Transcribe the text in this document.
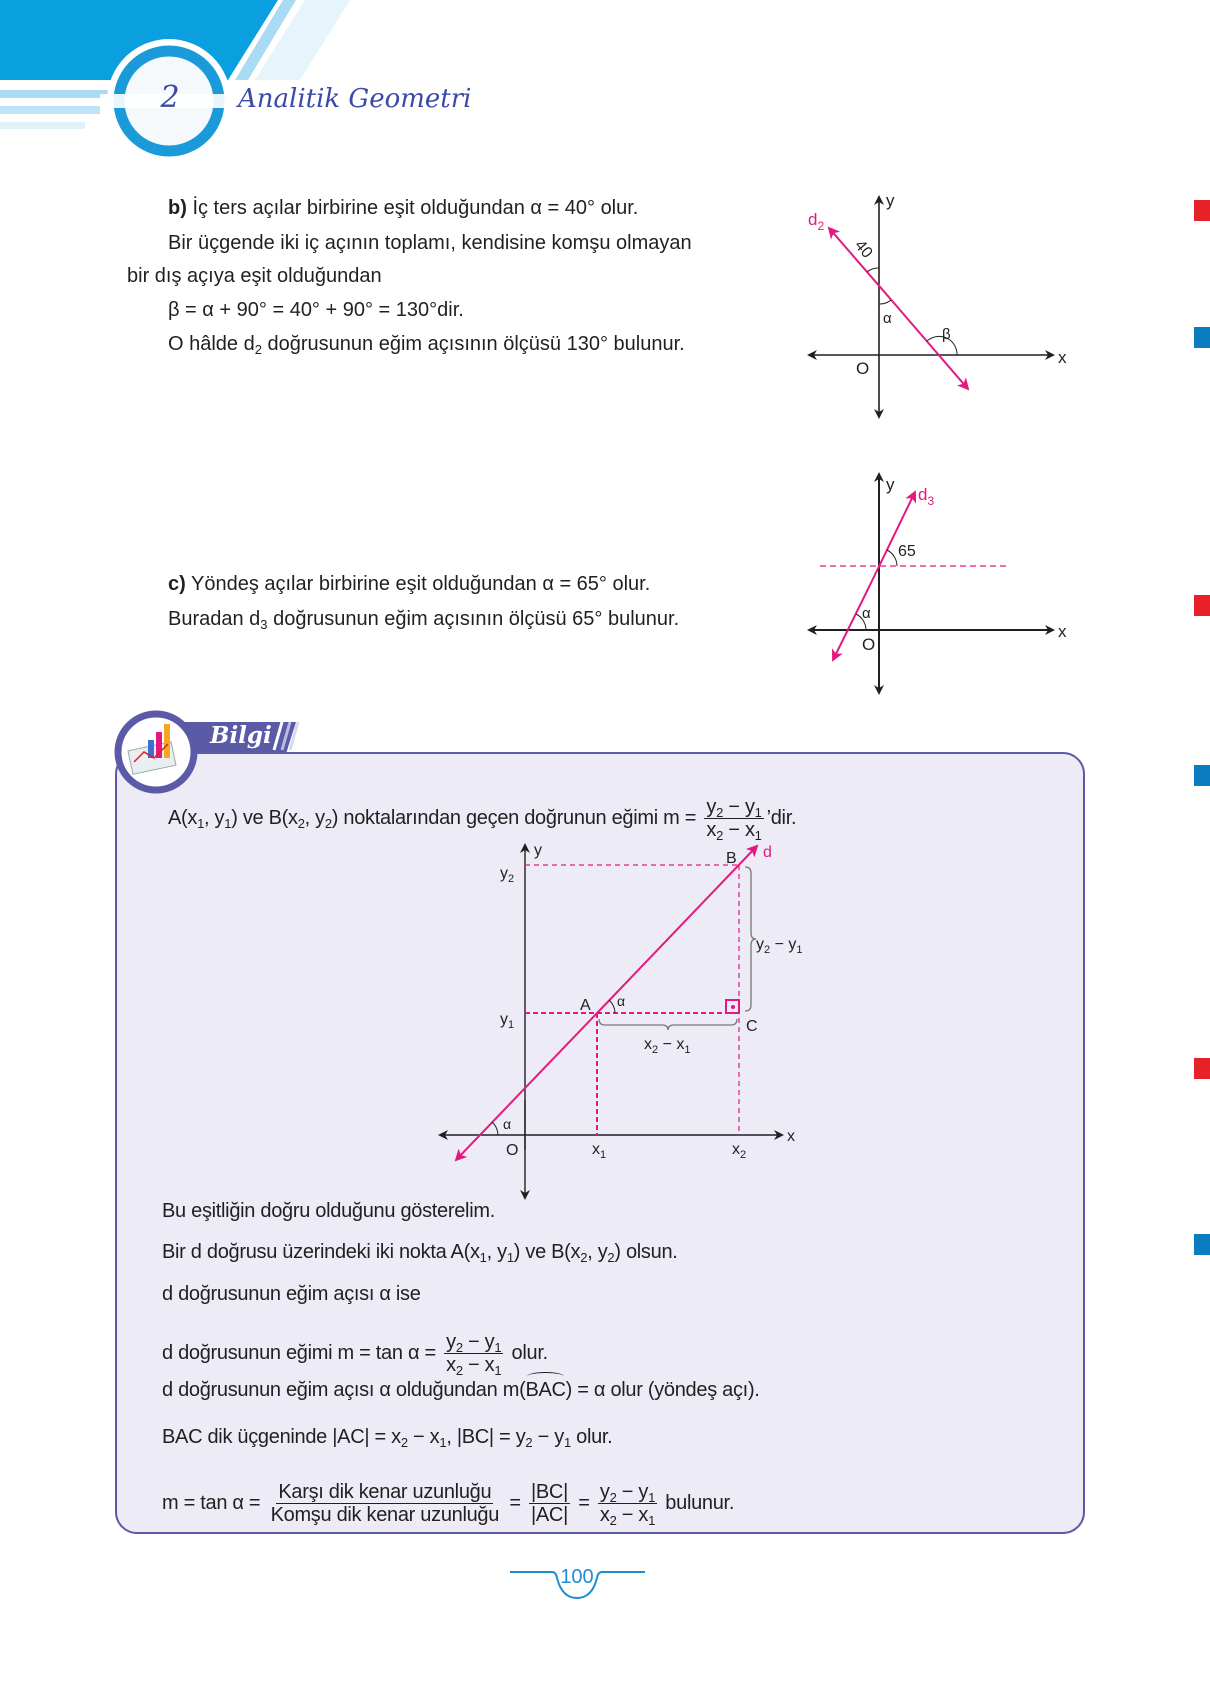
$d_2$
40
α
β
O
x
y
$d_3$
65
α
O
x
y
2	Analitik Geometri
b) İç ters açılar birbirine eşit olduğundan α = 40° olur.
Bir üçgende iki iç açının toplamı, kendisine komşu olmayan
bir dış açıya eşit olduğundan
β = α + 90° = 40° + 90° = 130°dir.
O hâlde $d_2$ doğrusunun eğim açısının ölçüsü 130° bulunur.
c) Yöndeş açılar birbirine eşit olduğundan α = 65° olur.
Buradan $d_3$ doğrusunun eğim açısının ölçüsü 65° bulunur.
Bilgi
$A(x_1$, $y_1$) ve $B(x_2$, $y_2$) noktalarından geçen doğrunun eğimi $m = \frac{y_2 - y_1}{x_2 - x_1}$ ’dir.
y
x
O
d
B
A
C
α
α
$y_2$
$y_1$
$x_1$	$x_2$
$y_2 - y_1$
$x_2 - x_1$
Bu eşitliğin doğru olduğunu gösterelim.
Bir d doğrusu üzerindeki iki nokta $A(x_1$, $y_1$) ve $B(x_2$, $y_2$) olsun.
d doğrusunun eğim açısı α ise
d doğrusunun eğimi $m = \tan \alpha = \frac{y_2 - y_1}{x_2 - x_1}$ olur.
d doğrusunun eğim açısı α olduğundan m(BAC) = α olur (yöndeş açı).
BAC dik üçgeninde $|AC| = x_2 - x_1$, $|BC| = y_2 - y_1$ olur.
$m = \tan \alpha = \frac{\text{Karşı dik kenar uzunluğu}}{\text{Komşu dik kenar uzunluğu}} = \frac{|BC|}{|AC|} = \frac{y_2 - y_1}{x_2 - x_1}$ bulunur.
100
